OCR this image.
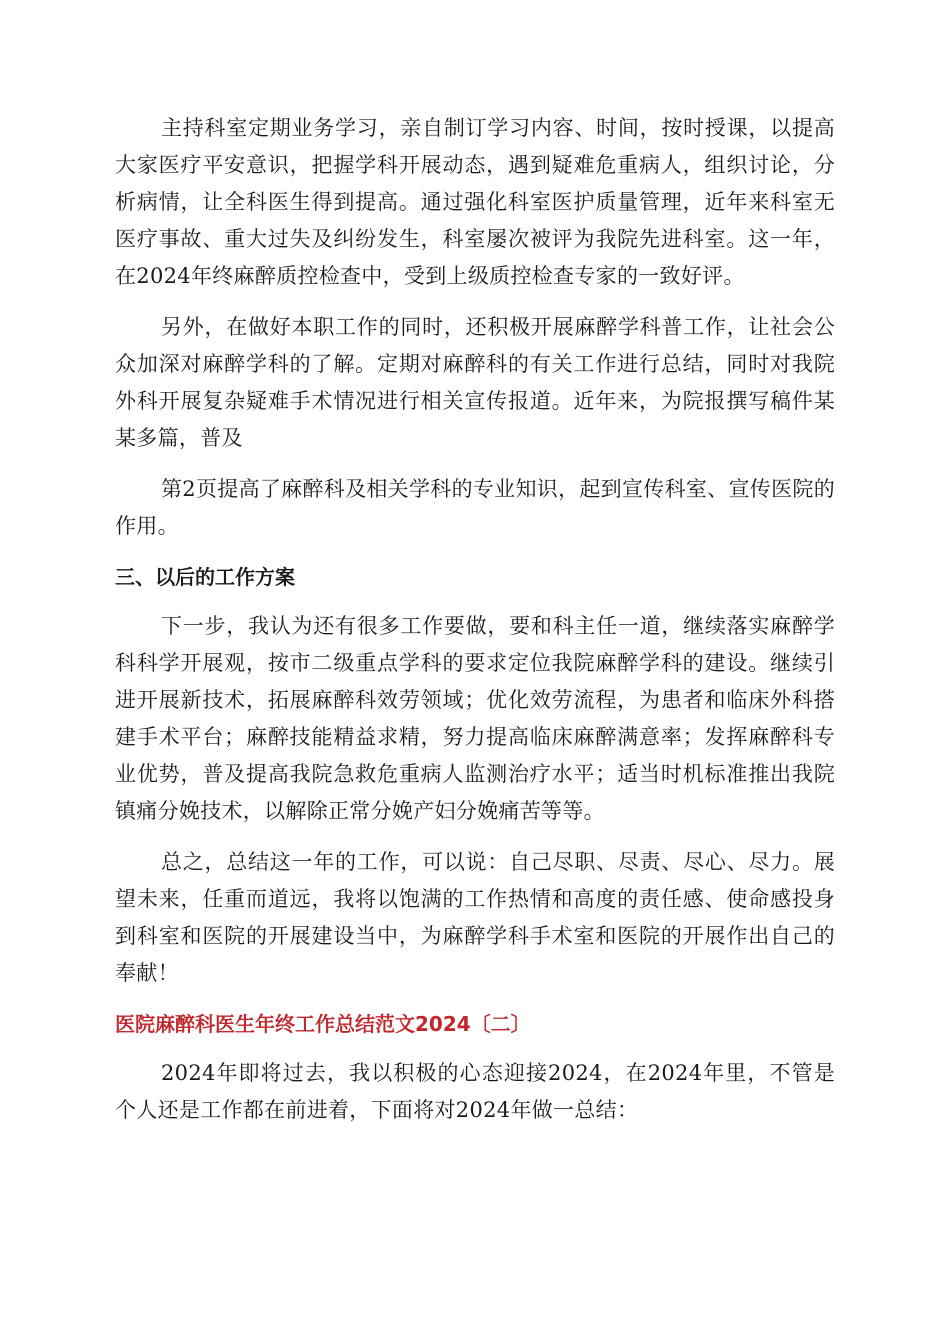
主持科室定期业务学习，亲自制订学习内容、时间，按时授课，以提高大家医疗平安意识，把握学科开展动态，遇到疑难危重病人，组织讨论，分析病情，让全科医生得到提高。通过强化科室医护质量管理，近年来科室无医疗事故、重大过失及纠纷发生，科室屡次被评为我院先进科室。这一年，在2024年终麻醉质控检查中，受到上级质控检查专家的一致好评。

另外，在做好本职工作的同时，还积极开展麻醉学科普工作，让社会公众加深对麻醉学科的了解。定期对麻醉科的有关工作进行总结，同时对我院外科开展复杂疑难手术情况进行相关宣传报道。近年来，为院报撰写稿件某某多篇，普及

第2页提高了麻醉科及相关学科的专业知识，起到宣传科室、宣传医院的作用。

三、以后的工作方案

下一步，我认为还有很多工作要做，要和科主任一道，继续落实麻醉学科科学开展观，按市二级重点学科的要求定位我院麻醉学科的建设。继续引进开展新技术，拓展麻醉科效劳领域；优化效劳流程，为患者和临床外科搭建手术平台；麻醉技能精益求精，努力提高临床麻醉满意率；发挥麻醉科专业优势，普及提高我院急救危重病人监测治疗水平；适当时机标准推出我院镇痛分娩技术，以解除正常分娩产妇分娩痛苦等等。

总之，总结这一年的工作，可以说：自己尽职、尽责、尽心、尽力。展望未来，任重而道远，我将以饱满的工作热情和高度的责任感、使命感投身到科室和医院的开展建设当中，为麻醉学科手术室和医院的开展作出自己的奉献！

医院麻醉科医生年终工作总结范文2024〔二〕

2024年即将过去，我以积极的心态迎接2024，在2024年里，不管是个人还是工作都在前进着，下面将对2024年做一总结：
